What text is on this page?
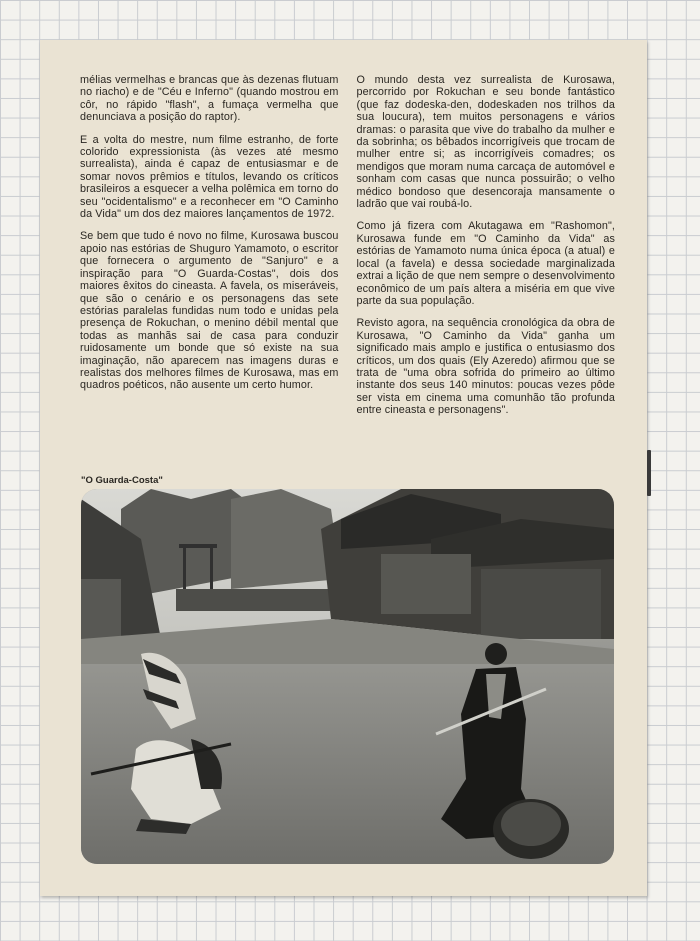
mélias vermelhas e brancas que às dezenas flutuam no riacho) e de "Céu e Inferno" (quando mostrou em côr, no rápido "flash", a fumaça vermelha que denunciava a posição do raptor).

E a volta do mestre, num filme estranho, de forte colorido expressionista (às vezes até mesmo surrealista), ainda é capaz de entusiasmar e de somar novos prêmios e títulos, levando os críticos brasileiros a esquecer a velha polêmica em torno do seu "ocidentalismo" e a reconhecer em "O Caminho da Vida" um dos dez maiores lançamentos de 1972.

Se bem que tudo é novo no filme, Kurosawa buscou apoio nas estórias de Shuguro Yamamoto, o escritor que fornecera o argumento de "Sanjuro" e a inspiração para "O Guarda-Costas", dois dos maiores êxitos do cineasta. A favela, os miseráveis, que são o cenário e os personagens das sete estórias paralelas fundidas num todo e unidas pela presença de Rokuchan, o menino débil mental que todas as manhãs sai de casa para conduzir ruidosamente um bonde que só existe na sua imaginação, não aparecem nas imagens duras e realistas dos melhores filmes de Kurosawa, mas em quadros poéticos, não ausente um certo humor.

O mundo desta vez surrealista de Kurosawa, percorrido por Rokuchan e seu bonde fantástico (que faz dodeska-den, dodeskaden nos trilhos da sua loucura), tem muitos personagens e vários dramas: o parasita que vive do trabalho da mulher e da sobrinha; os bêbados incorrigíveis que trocam de mulher entre si; as incorrigíveis comadres; os mendigos que moram numa carcaça de automóvel e sonham com casas que nunca possuirão; o velho médico bondoso que desencoraja mansamente o ladrão que vai roubá-lo.

Como já fizera com Akutagawa em "Rashomon", Kurosawa funde em "O Caminho da Vida" as estórias de Yamamoto numa única época (a atual) e local (a favela) e dessa sociedade marginalizada extrai a lição de que nem sempre o desenvolvimento econômico de um país altera a miséria em que vive parte da sua população.

Revisto agora, na sequência cronológica da obra de Kurosawa, "O Caminho da Vida" ganha um significado mais amplo e justifica o entusiasmo dos críticos, um dos quais (Ely Azeredo) afirmou que se trata de "uma obra sofrida do primeiro ao último instante dos seus 140 minutos: poucas vezes pôde ser vista em cinema uma comunhão tão profunda entre cineasta e personagens".

"O Guarda-Costa"
